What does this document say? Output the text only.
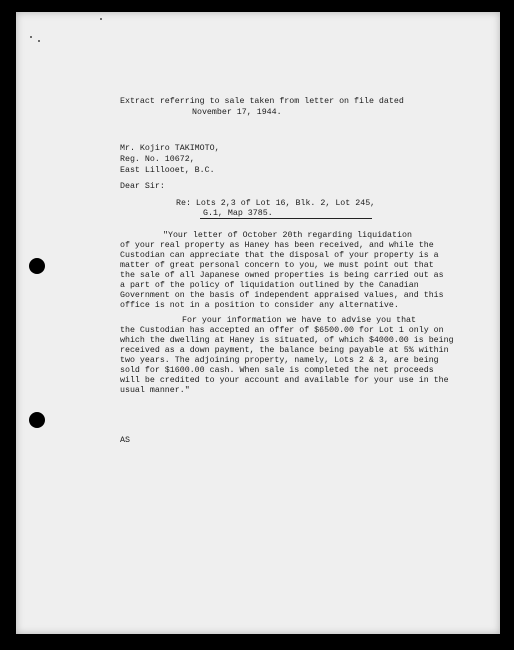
Extract referring to sale taken from letter on file dated
November 17, 1944.
Mr. Kojiro TAKIMOTO,
Reg. No. 10672,
East Lillooet, B.C.
Dear Sir:
Re: Lots 2,3 of Lot 16, Blk. 2, Lot 245,
G.1, Map 3785.
"Your letter of October 20th regarding liquidation
of your real property as Haney has been received, and while the
Custodian can appreciate that the disposal of your property is a
matter of great personal concern to you, we must point out that
the sale of all Japanese owned properties is being carried out as
a part of the policy of liquidation outlined by the Canadian
Government on the basis of independent appraised values, and this
office is not in a position to consider any alternative.
For your information we have to advise you that
the Custodian has accepted an offer of $6500.00 for Lot 1 only on
which the dwelling at Haney is situated, of which $4000.00 is being
received as a down payment, the balance being payable at 5% within
two years. The adjoining property, namely, Lots 2 & 3, are being
sold for $1600.00 cash. When sale is completed the net proceeds
will be credited to your account and available for your use in the
usual manner."
AS
